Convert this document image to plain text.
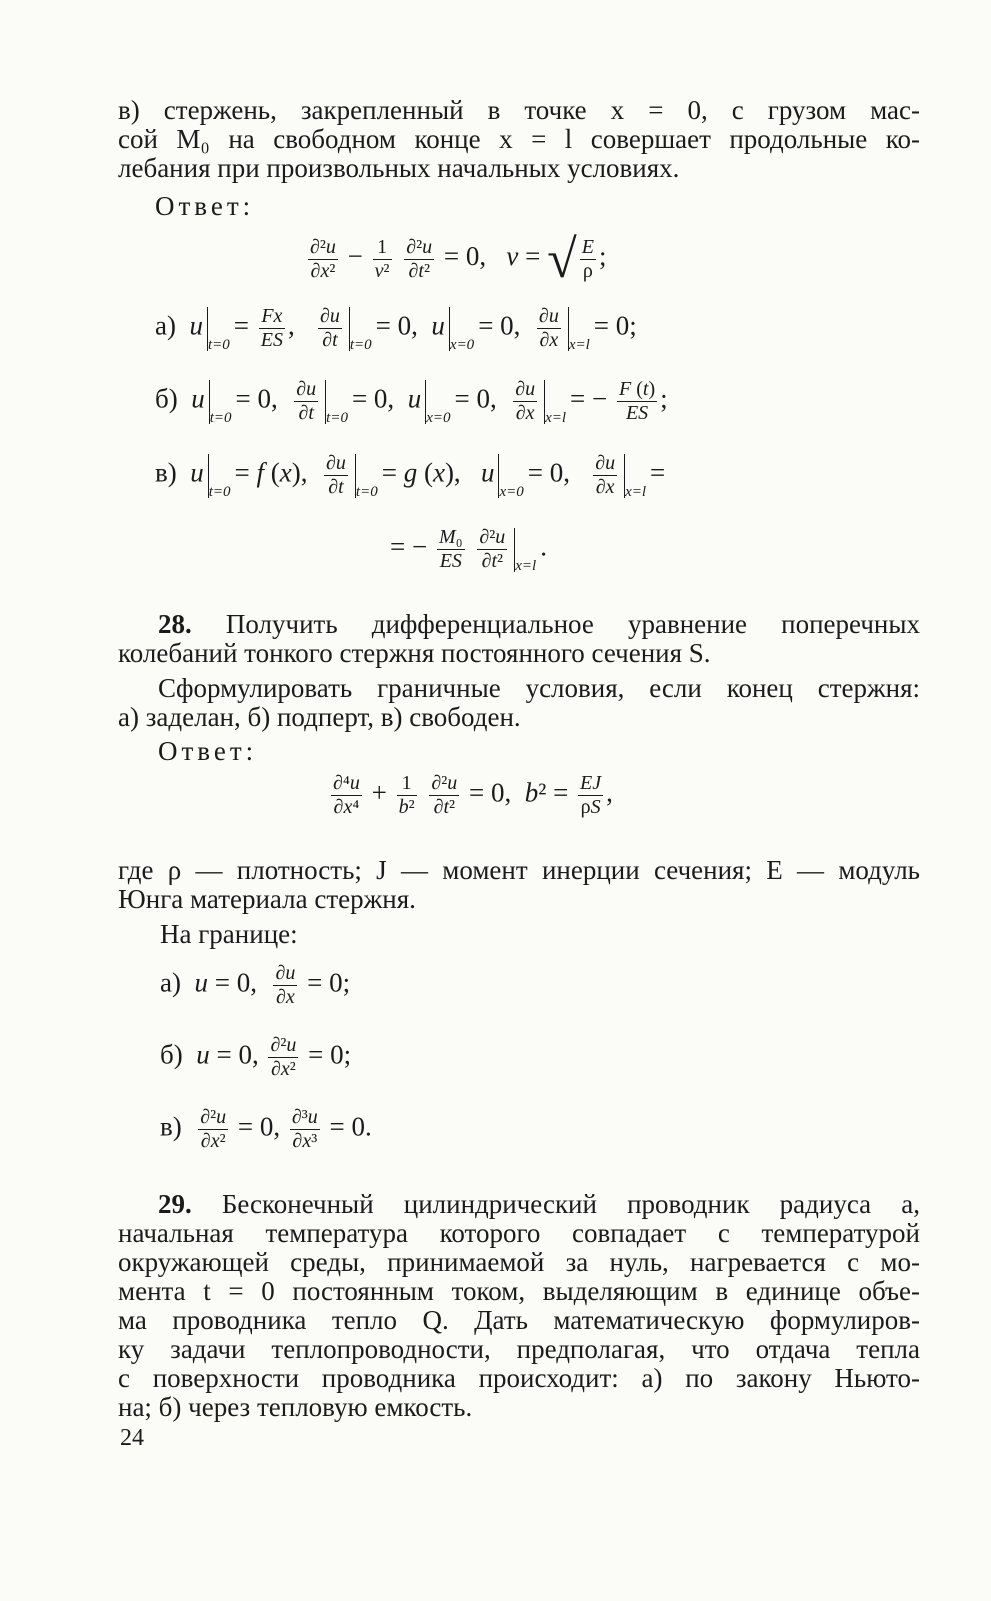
в) стержень, закрепленный в точке x = 0, с грузом мас-
сой M₀ на свободном конце x = l совершает продольные ко-
лебания при произвольных начальных условиях.
Ответ:
$\frac{\text{∂²u}}{\text{∂x²}} - \frac{1}{\text{v²}}$
$\frac{\text{∂²u}}{\text{∂t²}} = 0$,   v = √ $\frac{E}{\rho}$ ;
а)  $u_{t=0}= \frac{Fx}{ES}$ , $\frac{\partial u}{\partial t} _{t=0}= 0$,  $u_{x=0}= 0$, $\frac{\partial u}{\partial x} _{x=l}= 0$;
б)  $u_{t=0}= 0$, $\frac{\partial u}{\partial t} _{t=0}= 0$,  $u_{x=0}= 0$, $\frac{\partial u}{\partial x} _{x=l}= - \frac{F (t)}{ES}$ ;
в)  $u_{t=0}= f$ (x), $\frac{\partial u}{\partial t} _{t=0}= g$ (x),   $u_{x=0}= 0$, $\frac{\partial u}{\partial x} _{x=l}=$
= − $\frac{\text{M₀}}{ES}$
$\frac{\text{∂²u}}{\text{∂t²}} _{x=l}$.
28. Получить дифференциальное уравнение поперечных
колебаний тонкого стержня постоянного сечения S.
Сформулировать граничные условия, если конец стержня:
а) заделан, б) подперт, в) свободен.
Ответ:
$\frac{\text{∂⁴u}}{\text{∂x⁴}} + \frac{1}{\text{b²}}$
$\frac{\text{∂²u}}{\text{∂t²}} = 0$,  $b^2 = \frac{EJ}{\rho S}$ ,
где ρ — плотность; J — момент инерции сечения; E — модуль
Юнга материала стержня.
На границе:
а)  u = 0, $\frac{\partial u}{\partial x} = 0$;
б)  u = 0, $\frac{\text{∂²u}}{\text{∂x²}} = 0$;
$в) \frac{\text{∂²u}}{\text{∂x²}} = 0$, $\frac{\text{∂³u}}{\text{∂x³}} = 0$.
29. Бесконечный цилиндрический проводник радиуса a,
начальная температура которого совпадает с температурой
окружающей среды, принимаемой за нуль, нагревается с мо-
мента t = 0 постоянным током, выделяющим в единице объе-
ма проводника тепло Q. Дать математическую формулиров-
ку задачи теплопроводности, предполагая, что отдача тепла
с поверхности проводника происходит: а) по закону Ньюто-
на; б) через тепловую емкость.
24
